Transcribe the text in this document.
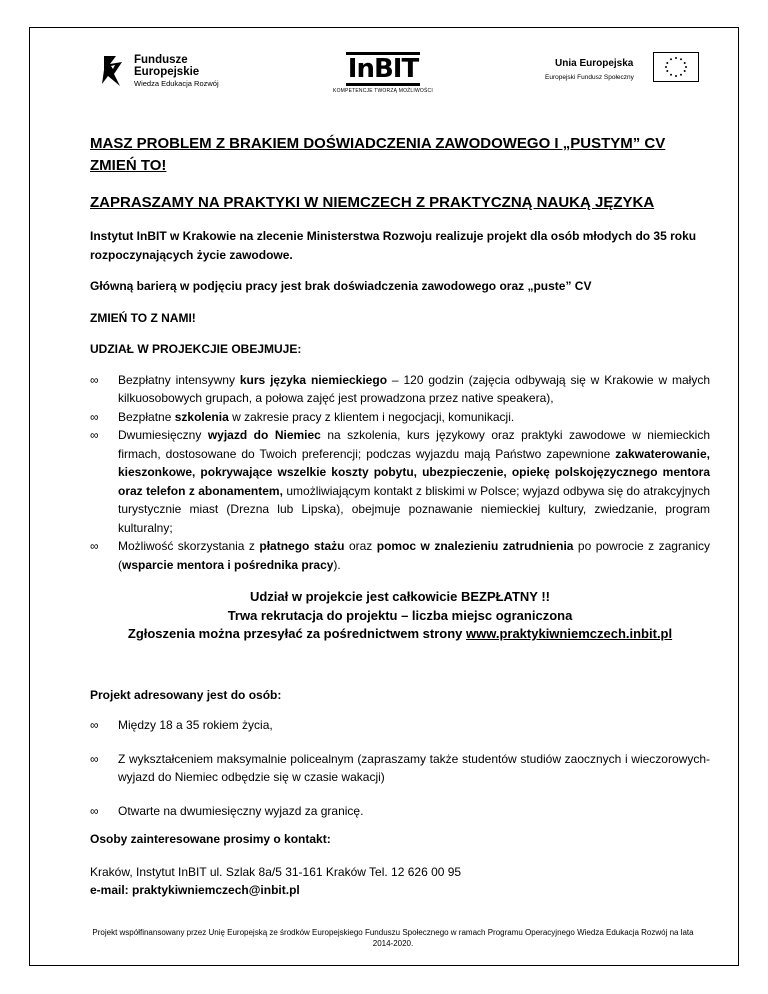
Fundusze
Europejskie
Wiedza Edukacja Rozwój	InBIT
KOMPETENCJE TWORZĄ MOŻLIWOŚCI
Unia Europejska
Europejski Fundusz Społeczny

MASZ PROBLEM Z BRAKIEM DOŚWIADCZENIA ZAWODOWEGO I „PUSTYM” CV

ZMIEŃ TO!

ZAPRASZAMY NA PRAKTYKI W NIEMCZECH Z PRAKTYCZNĄ NAUKĄ JĘZYKA

Instytut InBIT w Krakowie na zlecenie Ministerstwa Rozwoju realizuje projekt dla osób młodych do 35 roku rozpoczynających życie zawodowe.

Główną barierą w podjęciu pracy jest brak doświadczenia zawodowego oraz „puste” CV

ZMIEŃ TO Z NAMI!

UDZIAŁ W PROJEKCJIE OBEJMUJE:

∞ Bezpłatny intensywny kurs języka niemieckiego – 120 godzin (zajęcia odbywają się w Krakowie w małych kilkuosobowych grupach, a połowa zajęć jest prowadzona przez native speakera),
∞ Bezpłatne szkolenia w zakresie pracy z klientem i negocjacji, komunikacji.
∞ Dwumiesięczny wyjazd do Niemiec na szkolenia, kurs językowy oraz praktyki zawodowe w niemieckich firmach, dostosowane do Twoich preferencji; podczas wyjazdu mają Państwo zapewnione zakwaterowanie, kieszonkowe, pokrywające wszelkie koszty pobytu, ubezpieczenie, opiekę polskojęzycznego mentora oraz telefon z abonamentem, umożliwiającym kontakt z bliskimi w Polsce; wyjazd odbywa się do atrakcyjnych turystycznie miast (Drezna lub Lipska), obejmuje poznawanie niemieckiej kultury, zwiedzanie, program kulturalny;
∞ Możliwość skorzystania z płatnego stażu oraz pomoc w znalezieniu zatrudnienia po powrocie z zagranicy (wsparcie mentora i pośrednika pracy).
Udział w projekcie jest całkowicie BEZPŁATNY !!
Trwa rekrutacja do projektu – liczba miejsc ograniczona
Zgłoszenia można przesyłać za pośrednictwem strony www.praktykiwniemczech.inbit.pl

Projekt adresowany jest do osób:

∞ Między 18 a 35 rokiem życia,
∞ Z wykształceniem maksymalnie policealnym (zapraszamy także studentów studiów zaocznych i wieczorowych- wyjazd do Niemiec odbędzie się w czasie wakacji)
∞ Otwarte na dwumiesięczny wyjazd za granicę.

Osoby zainteresowane prosimy o kontakt:

Kraków, Instytut InBIT ul. Szlak 8a/5 31-161 Kraków Tel. 12 626 00 95

e-mail: praktykiwniemczech@inbit.pl

Projekt współfinansowany przez Unię Europejską ze środków Europejskiego Funduszu Społecznego w ramach Programu Operacyjnego Wiedza Edukacja Rozwój na lata 2014-2020.
